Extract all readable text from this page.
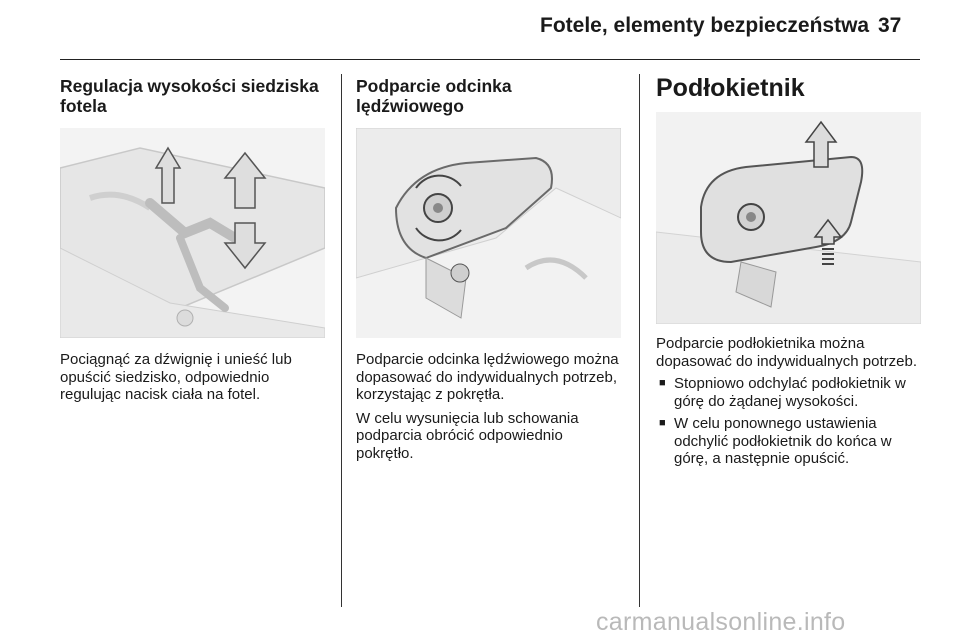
Fotele, elementy bezpieczeństwa 37
Regulacja wysokości siedziska fotela

Pociągnąć za dźwignię i unieść lub opuścić siedzisko, odpowiednio regulując nacisk ciała na fotel.

Podparcie odcinka lędźwiowego

Podparcie odcinka lędźwiowego można dopasować do indywidualnych potrzeb, korzystając z pokrętła.

W celu wysunięcia lub schowania podparcia obrócić odpowiednio pokrętło.

Podłokietnik

Podparcie podłokietnika można dopasować do indywidualnych potrzeb.

■ Stopniowo odchylać podłokietnik w górę do żądanej wysokości.
■ W celu ponownego ustawienia odchylić podłokietnik do końca w górę, a następnie opuścić.
carmanualsonline.info
